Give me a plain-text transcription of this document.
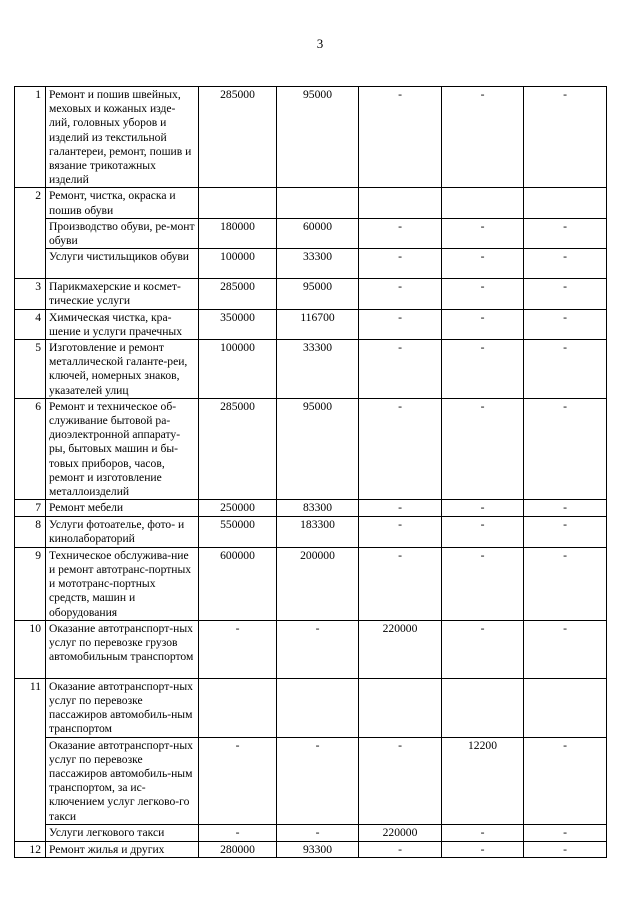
3
1	Ремонт и пошив швейных, меховых и кожаных изде-лий, головных уборов и изделий из текстильной галантереи, ремонт, пошив и вязание трикотажных изделий	285000	95000	-	-	-
2	Ремонт, чистка, окраска и пошив обуви					
	Производство обуви, ре-монт обуви	180000	60000	-	-	-
	Услуги чистильщиков обуви	100000	33300	-	-	-
3	Парикмахерские и космет-тические услуги	285000	95000	-	-	-
4	Химическая чистка, кра-шение и услуги прачечных	350000	116700	-	-	-
5	Изготовление и ремонт металлической галанте-реи, ключей, номерных знаков, указателей улиц	100000	33300	-	-	-
6	Ремонт и техническое об-служивание бытовой ра-диоэлектронной аппарату-ры, бытовых машин и бы-товых приборов, часов, ремонт и изготовление металлоизделий	285000	95000	-	-	-
7	Ремонт мебели	250000	83300	-	-	-
8	Услуги фотоателье, фото- и кинолабораторий	550000	183300	-	-	-
9	Техническое обслужива-ние и ремонт автотранс-портных и мототранс-портных средств, машин и оборудования	600000	200000	-	-	-
10	Оказание автотранспорт-ных услуг по перевозке грузов автомобильным транспортом	-	-	220000	-	-
11	Оказание автотранспорт-ных услуг по перевозке пассажиров автомобиль-ным транспортом					
	Оказание автотранспорт-ных услуг по перевозке пассажиров автомобиль-ным транспортом, за ис-ключением услуг легково-го такси	-	-	-	12200	-
	Услуги легкового такси	-	-	220000	-	-
12	Ремонт жилья и других	280000	93300	-	-	-
